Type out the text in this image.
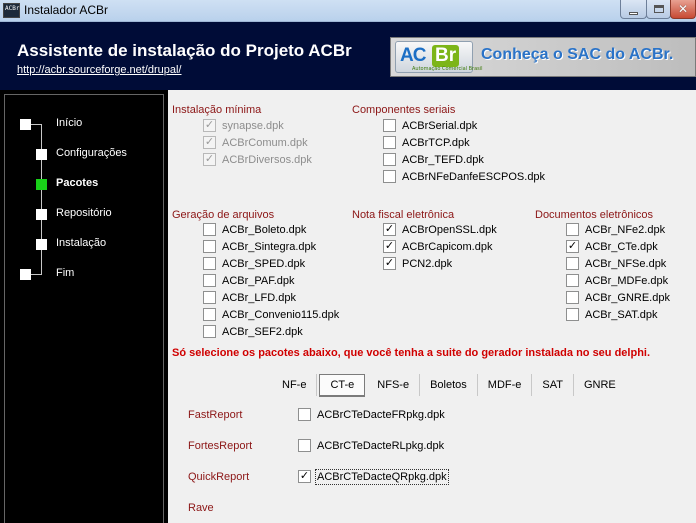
ACBr Instalador ACBr	✕
Assistente de instalação do Projeto ACBr
http://acbr.sourceforge.net/drupal/
AC Br
Automação Comercial Brasil
Conheça o SAC do ACBr.
Início
Configurações
Pacotes
Repositório
Instalação
Fim
Instalação mínima
✓ synapse.dpk
✓ ACBrComum.dpk
✓ ACBrDiversos.dpk
Componentes seriais
ACBrSerial.dpk
ACBrTCP.dpk
ACBr_TEFD.dpk
ACBrNFeDanfeESCPOS.dpk
Geração de arquivos
ACBr_Boleto.dpk
ACBr_Sintegra.dpk
ACBr_SPED.dpk
ACBr_PAF.dpk
ACBr_LFD.dpk
ACBr_Convenio115.dpk
ACBr_SEF2.dpk
Nota fiscal eletrônica
✓ ACBrOpenSSL.dpk
✓ ACBrCapicom.dpk
✓ PCN2.dpk
Documentos eletrônicos
ACBr_NFe2.dpk
✓ ACBr_CTe.dpk
ACBr_NFSe.dpk
ACBr_MDFe.dpk
ACBr_GNRE.dpk
ACBr_SAT.dpk
Só selecione os pacotes abaixo, que você tenha a suite do gerador instalada no seu delphi.
NF-e	CT-e	NFS-e	Boletos	MDF-e	SAT	GNRE
FastReport	ACBrCTeDacteFRpkg.dpk
FortesReport	ACBrCTeDacteRLpkg.dpk
QuickReport	✓ ACBrCTeDacteQRpkg.dpk
Rave
